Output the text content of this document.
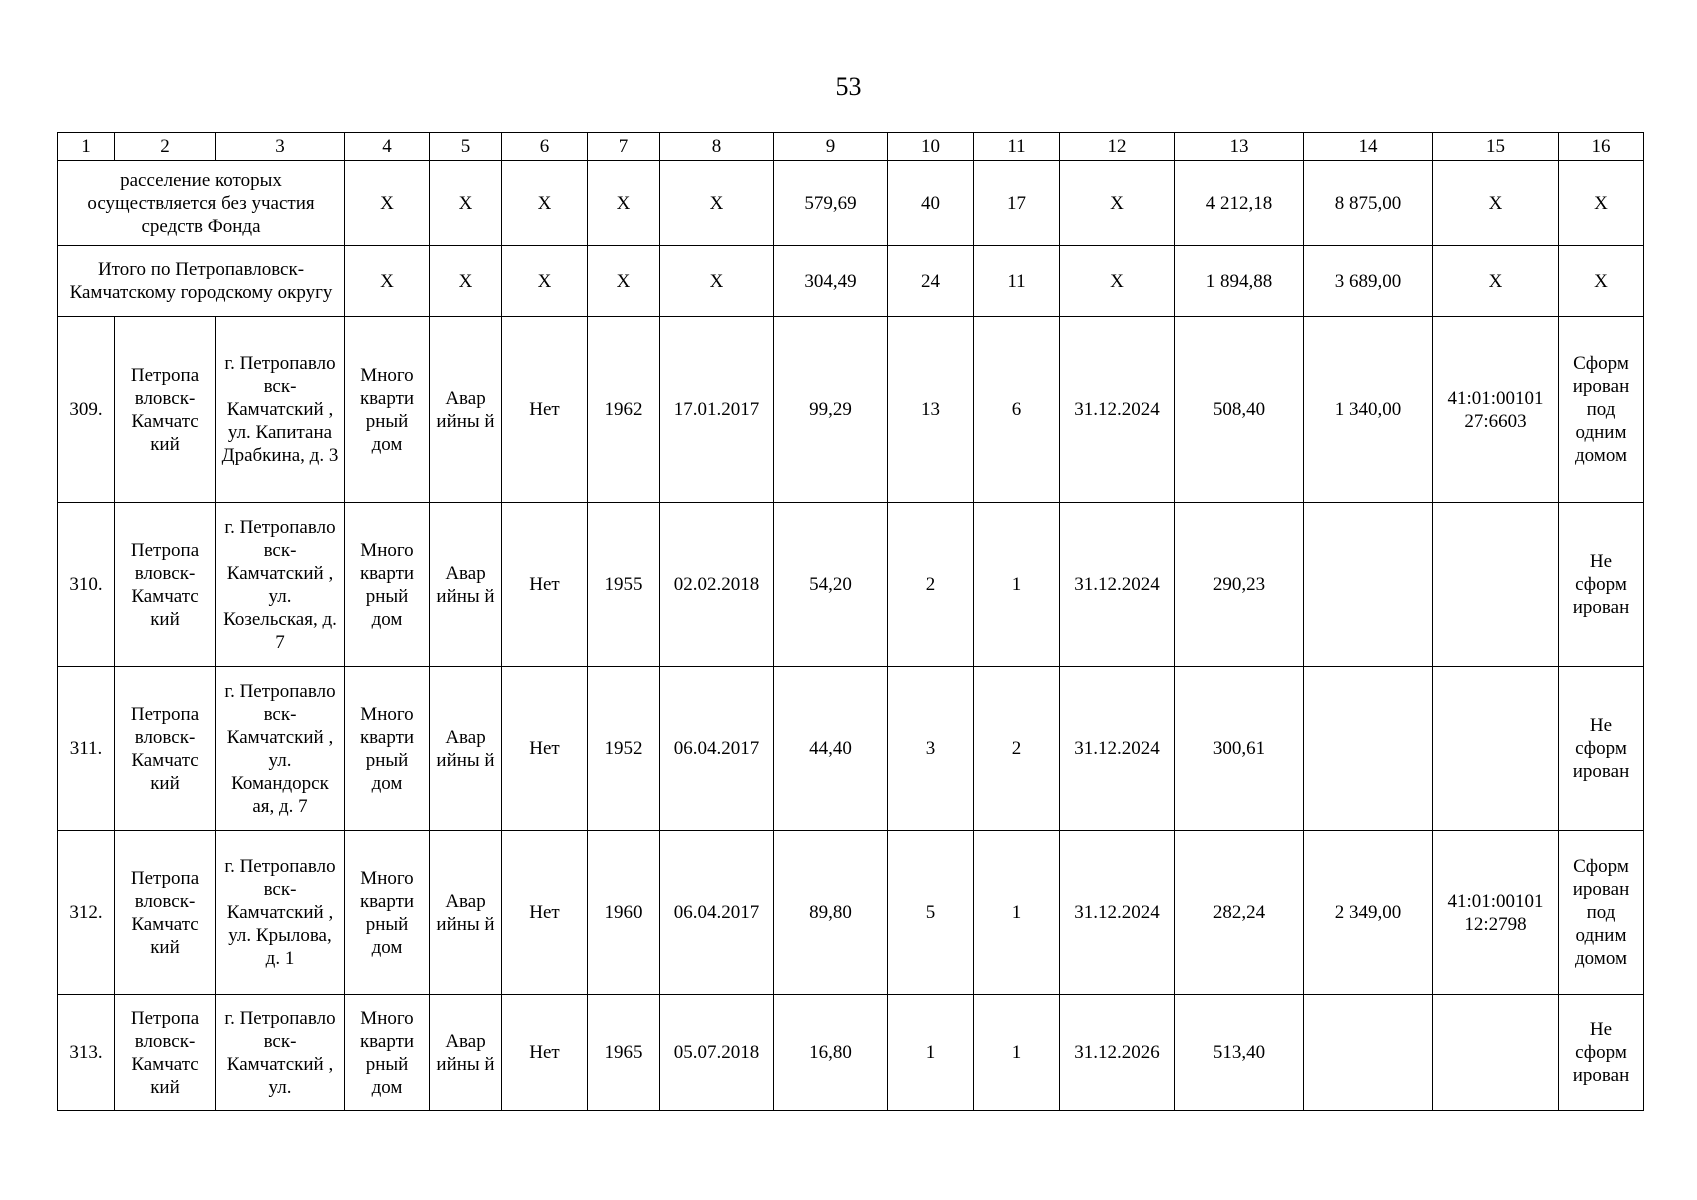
53
1	2	3	4	5	6	7	8	9	10	11	12	13	14	15	16
расселение которых осуществляется без участия средств Фонда			X	X	X	X	X	579,69	40	17	X	4 212,18	8 875,00	X	X
Итого по Петропавловск-Камчатскому городскому округу			X	X	X	X	X	304,49	24	11	X	1 894,88	3 689,00	X	X
309.	Петропа вловск-Камчатс кий	г. Петропавло вск-Камчатский , ул. Капитана Драбкина, д. 3	Много кварти рный дом	Авар ийны й	Нет	1962	17.01.2017	99,29	13	6	31.12.2024	508,40	1 340,00	41:01:00101 27:6603	Сформ ирован под одним домом
310.	Петропа вловск-Камчатс кий	г. Петропавло вск-Камчатский , ул. Козельская, д. 7	Много кварти рный дом	Авар ийны й	Нет	1955	02.02.2018	54,20	2	1	31.12.2024	290,23			Не сформ ирован
311.	Петропа вловск-Камчатс кий	г. Петропавло вск-Камчатский , ул. Командорск ая, д. 7	Много кварти рный дом	Авар ийны й	Нет	1952	06.04.2017	44,40	3	2	31.12.2024	300,61			Не сформ ирован
312.	Петропа вловск-Камчатс кий	г. Петропавло вск-Камчатский , ул. Крылова, д. 1	Много кварти рный дом	Авар ийны й	Нет	1960	06.04.2017	89,80	5	1	31.12.2024	282,24	2 349,00	41:01:00101 12:2798	Сформ ирован под одним домом
313.	Петропа вловск-Камчатс кий	г. Петропавло вск-Камчатский , ул.	Много кварти рный дом	Авар ийны й	Нет	1965	05.07.2018	16,80	1	1	31.12.2026	513,40			Не сформ ирован
